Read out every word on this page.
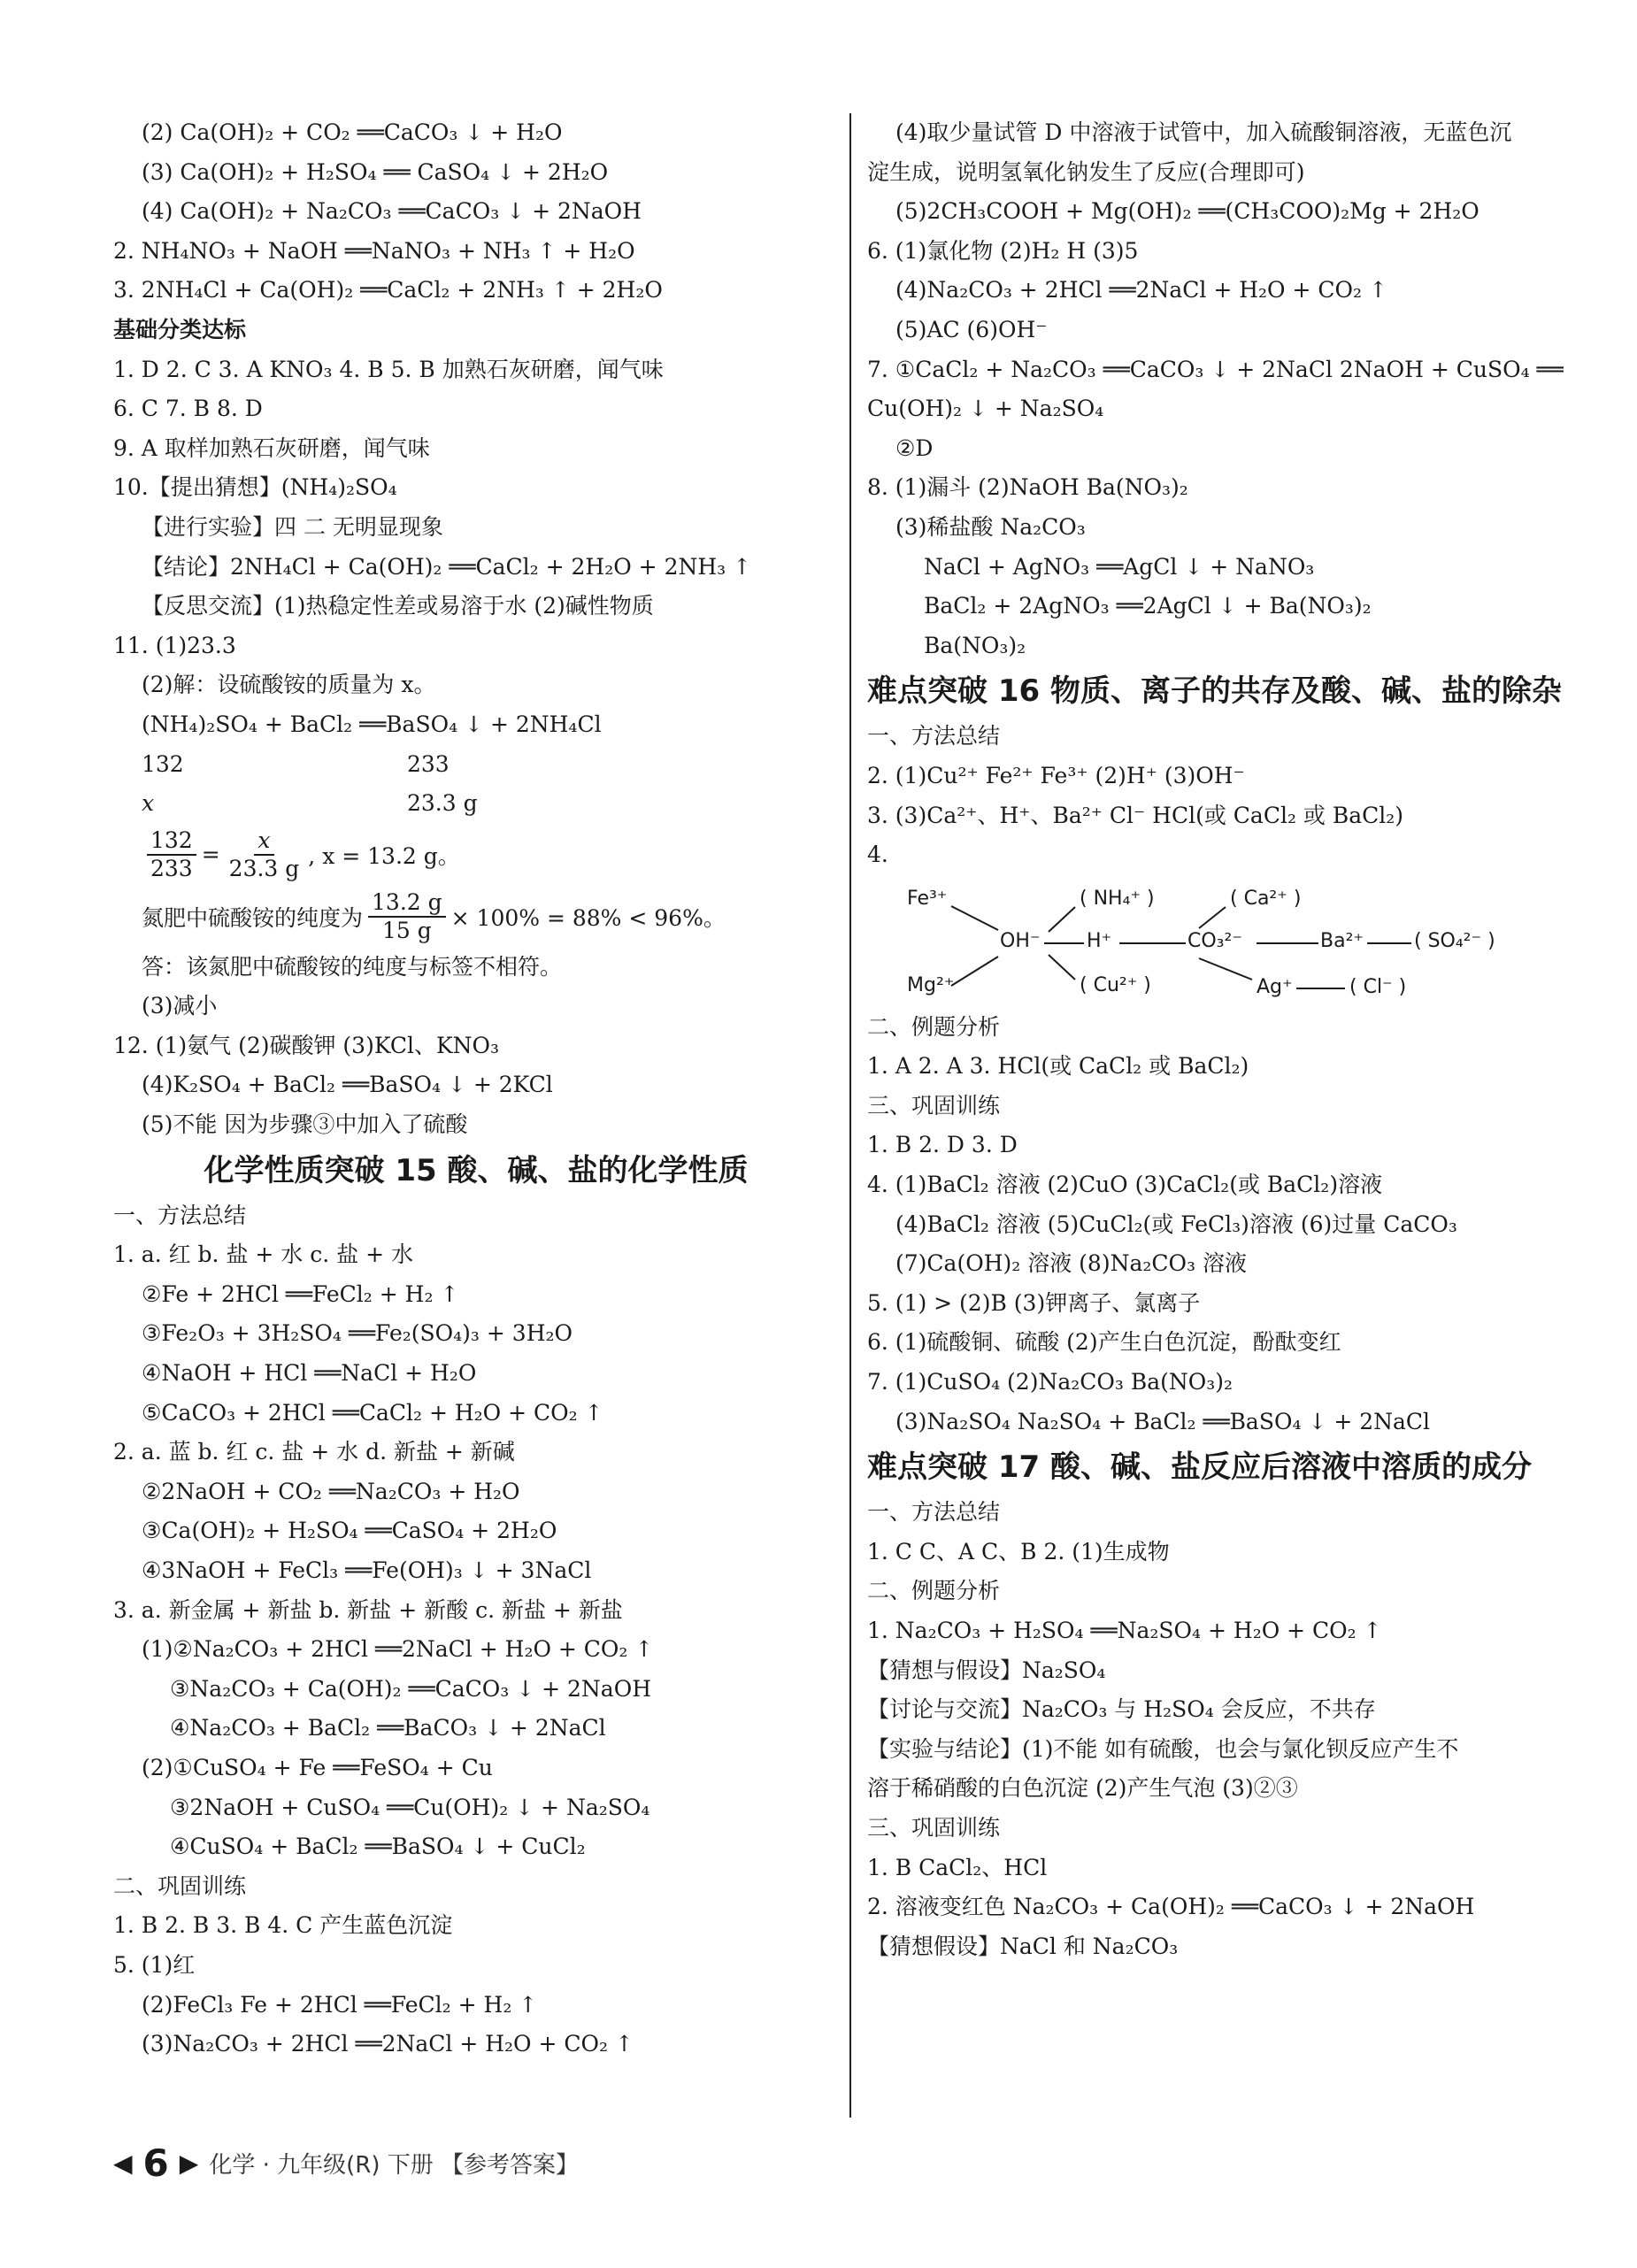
(2) Ca(OH)₂ + CO₂ ══CaCO₃ ↓ + H₂O
(3) Ca(OH)₂ + H₂SO₄ ══ CaSO₄ ↓ + 2H₂O
(4) Ca(OH)₂ + Na₂CO₃ ══CaCO₃ ↓ + 2NaOH
2. NH₄NO₃ + NaOH ══NaNO₃ + NH₃ ↑ + H₂O
3. 2NH₄Cl + Ca(OH)₂ ══CaCl₂ + 2NH₃ ↑ + 2H₂O
基础分类达标
1. D 2. C 3. A KNO₃ 4. B 5. B 加熟石灰研磨，闻气味
6. C 7. B 8. D
9. A 取样加熟石灰研磨，闻气味
10.【提出猜想】(NH₄)₂SO₄
【进行实验】四 二 无明显现象
【结论】2NH₄Cl + Ca(OH)₂ ══CaCl₂ + 2H₂O + 2NH₃ ↑
【反思交流】(1)热稳定性差或易溶于水 (2)碱性物质
11. (1)23.3
(2)解：设硫酸铵的质量为 x。
(NH₄)₂SO₄ + BaCl₂ ══BaSO₄ ↓ + 2NH₄Cl
132	233
x	23.3 g
$\frac{132}{233} = \frac{x}{23.3 g}$ , x = 13.2 g。
氮肥中硫酸铵的纯度为 $\frac{13.2 g}{15 g} \times 100\% = 88\% < 96\%$。
答：该氮肥中硫酸铵的纯度与标签不相符。
(3)减小
12. (1)氨气 (2)碳酸钾 (3)KCl、KNO₃
(4)K₂SO₄ + BaCl₂ ══BaSO₄ ↓ + 2KCl
(5)不能 因为步骤③中加入了硫酸
化学性质突破 15 酸、碱、盐的化学性质
一、方法总结
1. a. 红 b. 盐 + 水 c. 盐 + 水
②Fe + 2HCl ══FeCl₂ + H₂ ↑
③Fe₂O₃ + 3H₂SO₄ ══Fe₂(SO₄)₃ + 3H₂O
④NaOH + HCl ══NaCl + H₂O
⑤CaCO₃ + 2HCl ══CaCl₂ + H₂O + CO₂ ↑
2. a. 蓝 b. 红 c. 盐 + 水 d. 新盐 + 新碱
②2NaOH + CO₂ ══Na₂CO₃ + H₂O
③Ca(OH)₂ + H₂SO₄ ══CaSO₄ + 2H₂O
④3NaOH + FeCl₃ ══Fe(OH)₃ ↓ + 3NaCl
3. a. 新金属 + 新盐 b. 新盐 + 新酸 c. 新盐 + 新盐
(1)②Na₂CO₃ + 2HCl ══2NaCl + H₂O + CO₂ ↑
③Na₂CO₃ + Ca(OH)₂ ══CaCO₃ ↓ + 2NaOH
④Na₂CO₃ + BaCl₂ ══BaCO₃ ↓ + 2NaCl
(2)①CuSO₄ + Fe ══FeSO₄ + Cu
③2NaOH + CuSO₄ ══Cu(OH)₂ ↓ + Na₂SO₄
④CuSO₄ + BaCl₂ ══BaSO₄ ↓ + CuCl₂
二、巩固训练
1. B 2. B 3. B 4. C 产生蓝色沉淀
5. (1)红
(2)FeCl₃ Fe + 2HCl ══FeCl₂ + H₂ ↑
(3)Na₂CO₃ + 2HCl ══2NaCl + H₂O + CO₂ ↑
(4)取少量试管 D 中溶液于试管中，加入硫酸铜溶液，无蓝色沉
淀生成，说明氢氧化钠发生了反应(合理即可)
(5)2CH₃COOH + Mg(OH)₂ ══(CH₃COO)₂Mg + 2H₂O
6. (1)氯化物 (2)H₂ H (3)5
(4)Na₂CO₃ + 2HCl ══2NaCl + H₂O + CO₂ ↑
(5)AC (6)OH⁻
7. ①CaCl₂ + Na₂CO₃ ══CaCO₃ ↓ + 2NaCl 2NaOH + CuSO₄ ══
Cu(OH)₂ ↓ + Na₂SO₄
②D
8. (1)漏斗 (2)NaOH Ba(NO₃)₂
(3)稀盐酸 Na₂CO₃
NaCl + AgNO₃ ══AgCl ↓ + NaNO₃
BaCl₂ + 2AgNO₃ ══2AgCl ↓ + Ba(NO₃)₂
Ba(NO₃)₂
难点突破 16 物质、离子的共存及酸、碱、盐的除杂
一、方法总结
2. (1)Cu²⁺ Fe²⁺ Fe³⁺ (2)H⁺ (3)OH⁻
3. (3)Ca²⁺、H⁺、Ba²⁺ Cl⁻ HCl(或 CaCl₂ 或 BaCl₂)
4.
Fe³⁺
Mg²⁺
OH⁻ H⁺	CO₃²⁻	Ba²⁺
Ag⁺
( NH₄⁺ )
( Cu²⁺ )
( Ca²⁺ )
( SO₄²⁻ )
( Cl⁻ )
二、例题分析
1. A 2. A 3. HCl(或 CaCl₂ 或 BaCl₂)
三、巩固训练
1. B 2. D 3. D
4. (1)BaCl₂ 溶液 (2)CuO (3)CaCl₂(或 BaCl₂)溶液
(4)BaCl₂ 溶液 (5)CuCl₂(或 FeCl₃)溶液 (6)过量 CaCO₃
(7)Ca(OH)₂ 溶液 (8)Na₂CO₃ 溶液
5. (1) > (2)B (3)钾离子、氯离子
6. (1)硫酸铜、硫酸 (2)产生白色沉淀，酚酞变红
7. (1)CuSO₄ (2)Na₂CO₃ Ba(NO₃)₂
(3)Na₂SO₄ Na₂SO₄ + BaCl₂ ══BaSO₄ ↓ + 2NaCl
难点突破 17 酸、碱、盐反应后溶液中溶质的成分
一、方法总结
1. C C、A C、B 2. (1)生成物
二、例题分析
1. Na₂CO₃ + H₂SO₄ ══Na₂SO₄ + H₂O + CO₂ ↑
【猜想与假设】Na₂SO₄
【讨论与交流】Na₂CO₃ 与 H₂SO₄ 会反应，不共存
【实验与结论】(1)不能 如有硫酸，也会与氯化钡反应产生不
溶于稀硝酸的白色沉淀 (2)产生气泡 (3)②③
三、巩固训练
1. B CaCl₂、HCl
2. 溶液变红色 Na₂CO₃ + Ca(OH)₂ ══CaCO₃ ↓ + 2NaOH
【猜想假设】NaCl 和 Na₂CO₃
◀ 6 ▶ 化学 · 九年级(R) 下册 【参考答案】
